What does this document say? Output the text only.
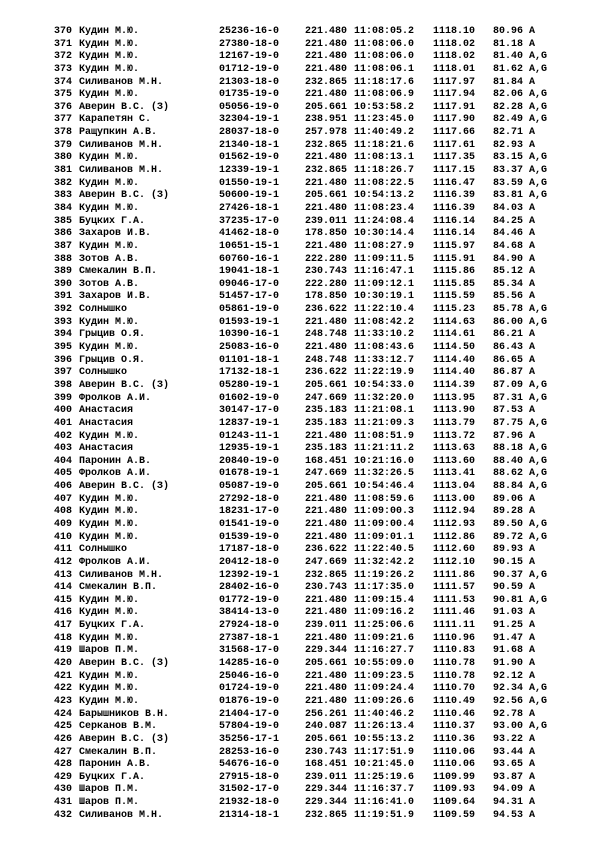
370 Кудин М.Ю.	25236-16-0	221.480 11:08:05.2 1118.10 80.96 A
371 Кудин М.Ю.	27380-18-0	221.480 11:08:06.0 1118.02 81.18 A
372 Кудин М.Ю.	12167-19-0	221.480 11:08:06.0 1118.02 81.40 A,G
373 Кудин М.Ю.	01712-19-0	221.480 11:08:06.1 1118.01 81.62 A,G
374 Силиванов М.Н.	21303-18-0	232.865 11:18:17.6 1117.97 81.84 A
375 Кудин М.Ю.	01735-19-0	221.480 11:08:06.9 1117.94 82.06 A,G
376 Аверин В.С. (З)	05056-19-0	205.661 10:53:58.2 1117.91 82.28 A,G
377 Карапетян С.	32304-19-1	238.951 11:23:45.0 1117.90 82.49 A,G
378 Ращупкин А.В.	28037-18-0	257.978 11:40:49.2 1117.66 82.71 A
379 Силиванов М.Н.	21340-18-1	232.865 11:18:21.6 1117.61 82.93 A
380 Кудин М.Ю.	01562-19-0	221.480 11:08:13.1 1117.35 83.15 A,G
381 Силиванов М.Н.	12339-19-1	232.865 11:18:26.7 1117.15 83.37 A,G
382 Кудин М.Ю.	01550-19-1	221.480 11:08:22.5 1116.47 83.59 A,G
383 Аверин В.С. (З)	50600-19-1	205.661 10:54:13.2 1116.39 83.81 A,G
384 Кудин М.Ю.	27426-18-1	221.480 11:08:23.4 1116.39 84.03 A
385 Буцких Г.А.	37235-17-0	239.011 11:24:08.4 1116.14 84.25 A
386 Захаров И.В.	41462-18-0	178.850 10:30:14.4 1116.14 84.46 A
387 Кудин М.Ю.	10651-15-1	221.480 11:08:27.9 1115.97 84.68 A
388 Зотов А.В.	60760-16-1	222.280 11:09:11.5 1115.91 84.90 A
389 Смекалин В.П.	19041-18-1	230.743 11:16:47.1 1115.86 85.12 A
390 Зотов А.В.	09046-17-0	222.280 11:09:12.1 1115.85 85.34 A
391 Захаров И.В.	51457-17-0	178.850 10:30:19.1 1115.59 85.56 A
392 Солнышко	05861-19-0	236.622 11:22:10.4 1115.23 85.78 A,G
393 Кудин М.Ю.	01593-19-1	221.480 11:08:42.2 1114.63 86.00 A,G
394 Грыцив О.Я.	10390-16-1	248.748 11:33:10.2 1114.61 86.21 A
395 Кудин М.Ю.	25083-16-0	221.480 11:08:43.6 1114.50 86.43 A
396 Грыцив О.Я.	01101-18-1	248.748 11:33:12.7 1114.40 86.65 A
397 Солнышко	17132-18-1	236.622 11:22:19.9 1114.40 86.87 A
398 Аверин В.С. (З)	05280-19-1	205.661 10:54:33.0 1114.39 87.09 A,G
399 Фролков А.И.	01602-19-0	247.669 11:32:20.0 1113.95 87.31 A,G
400 Анастасия	30147-17-0	235.183 11:21:08.1 1113.90 87.53 A
401 Анастасия	12837-19-1	235.183 11:21:09.3 1113.79 87.75 A,G
402 Кудин М.Ю.	01243-11-1	221.480 11:08:51.9 1113.72 87.96 A
403 Анастасия	12935-19-1	235.183 11:21:11.2 1113.63 88.18 A,G
404 Паронин А.В.	20840-19-0	168.451 10:21:16.0 1113.60 88.40 A,G
405 Фролков А.И.	01678-19-1	247.669 11:32:26.5 1113.41 88.62 A,G
406 Аверин В.С. (З)	05087-19-0	205.661 10:54:46.4 1113.04 88.84 A,G
407 Кудин М.Ю.	27292-18-0	221.480 11:08:59.6 1113.00 89.06 A
408 Кудин М.Ю.	18231-17-0	221.480 11:09:00.3 1112.94 89.28 A
409 Кудин М.Ю.	01541-19-0	221.480 11:09:00.4 1112.93 89.50 A,G
410 Кудин М.Ю.	01539-19-0	221.480 11:09:01.1 1112.86 89.72 A,G
411 Солнышко	17187-18-0	236.622 11:22:40.5 1112.60 89.93 A
412 Фролков А.И.	20412-18-0	247.669 11:32:42.2 1112.10 90.15 A
413 Силиванов М.Н.	12392-19-1	232.865 11:19:26.2 1111.86 90.37 A,G
414 Смекалин В.П.	28402-16-0	230.743 11:17:35.0 1111.57 90.59 A
415 Кудин М.Ю.	01772-19-0	221.480 11:09:15.4 1111.53 90.81 A,G
416 Кудин М.Ю.	38414-13-0	221.480 11:09:16.2 1111.46 91.03 A
417 Буцких Г.А.	27924-18-0	239.011 11:25:06.6 1111.11 91.25 A
418 Кудин М.Ю.	27387-18-1	221.480 11:09:21.6 1110.96 91.47 A
419 Шаров П.М.	31568-17-0	229.344 11:16:27.7 1110.83 91.68 A
420 Аверин В.С. (З)	14285-16-0	205.661 10:55:09.0 1110.78 91.90 A
421 Кудин М.Ю.	25046-16-0	221.480 11:09:23.5 1110.78 92.12 A
422 Кудин М.Ю.	01724-19-0	221.480 11:09:24.4 1110.70 92.34 A,G
423 Кудин М.Ю.	01876-19-0	221.480 11:09:26.6 1110.49 92.56 A,G
424 Барышников В.Н.	21404-17-0	256.261 11:40:46.2 1110.46 92.78 A
425 Серканов В.М.	57804-19-0	240.087 11:26:13.4 1110.37 93.00 A,G
426 Аверин В.С. (З)	35256-17-1	205.661 10:55:13.2 1110.36 93.22 A
427 Смекалин В.П.	28253-16-0	230.743 11:17:51.9 1110.06 93.44 A
428 Паронин А.В.	54676-16-0	168.451 10:21:45.0 1110.06 93.65 A
429 Буцких Г.А.	27915-18-0	239.011 11:25:19.6 1109.99 93.87 A
430 Шаров П.М.	31502-17-0	229.344 11:16:37.7 1109.93 94.09 A
431 Шаров П.М.	21932-18-0	229.344 11:16:41.0 1109.64 94.31 A
432 Силиванов М.Н.	21314-18-1	232.865 11:19:51.9 1109.59 94.53 A
